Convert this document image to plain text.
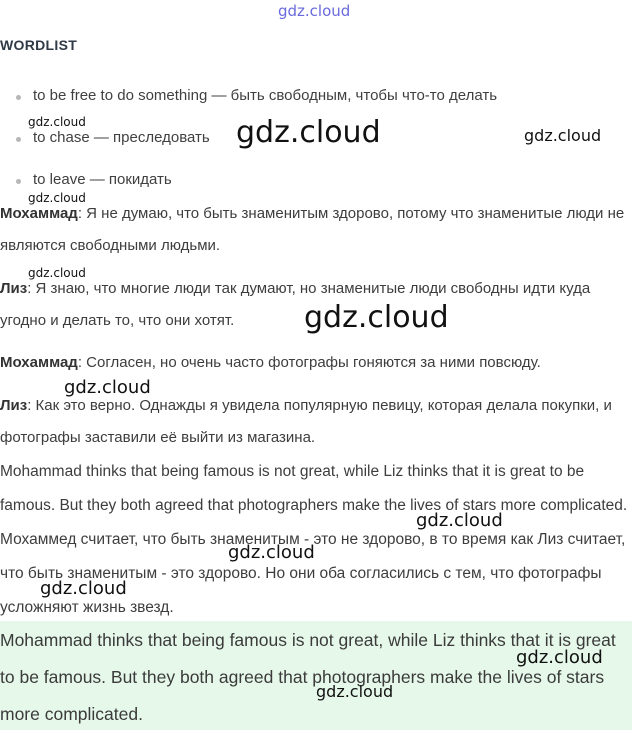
gdz.cloud
WORDLIST
to be free to do something — быть свободным, чтобы что-то делать
to chase — преследовать
to leave — покидать

Мохаммад: Я не думаю, что быть знаменитым здорово, потому что знаменитые люди не являются свободными людьми.

Лиз: Я знаю, что многие люди так думают, но знаменитые люди свободны идти куда угодно и делать то, что они хотят.

Мохаммад: Согласен, но очень часто фотографы гоняются за ними повсюду.

Лиз: Как это верно. Однажды я увидела популярную певицу, которая делала покупки, и фотографы заставили её выйти из магазина.

Mohammad thinks that being famous is not great, while Liz thinks that it is great to be famous. But they both agreed that photographers make the lives of stars more complicated. Мохаммед считает, что быть знаменитым - это не здорово, в то время как Лиз считает, что быть знаменитым - это здорово. Но они оба согласились с тем, что фотографы усложняют жизнь звезд.

Mohammad thinks that being famous is not great, while Liz thinks that it is great to be famous. But they both agreed that photographers make the lives of stars more complicated.

gdz.cloud	gdz.cloud	gdz.cloud
gdz.cloud
gdz.cloud
gdz.cloud
gdz.cloud
gdz.cloud
gdz.cloud
gdz.cloud
gdz.cloud
gdz.cloud
